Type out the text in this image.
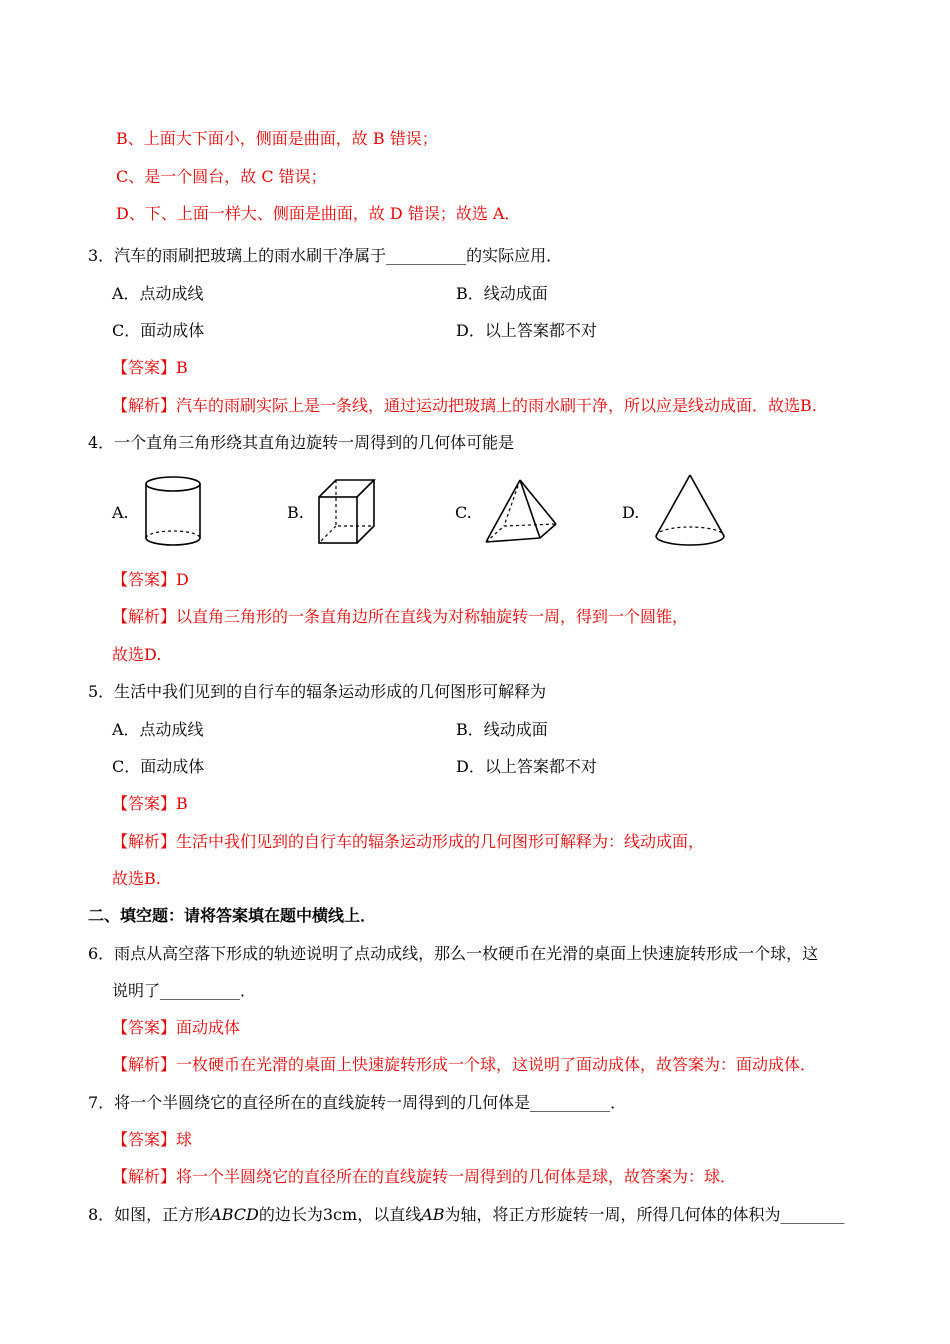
B、上面大下面小，侧面是曲面，故 B 错误；
C、是一个圆台，故 C 错误；
D、下、上面一样大、侧面是曲面，故 D 错误；故选 A．
3．汽车的雨刷把玻璃上的雨水刷干净属于__________的实际应用．
A．点动成线	B．线动成面
C．面动成体	D．以上答案都不对
【答案】B
【解析】汽车的雨刷实际上是一条线，通过运动把玻璃上的雨水刷干净，所以应是线动成面．故选B.
4．一个直角三角形绕其直角边旋转一周得到的几何体可能是
A.	B.	C.	D.
【答案】D
【解析】以直角三角形的一条直角边所在直线为对称轴旋转一周，得到一个圆锥，
故选D.
5．生活中我们见到的自行车的辐条运动形成的几何图形可解释为
A．点动成线	B．线动成面
C．面动成体	D．以上答案都不对
【答案】B
【解析】生活中我们见到的自行车的辐条运动形成的几何图形可解释为：线动成面，
故选B.
二、填空题：请将答案填在题中横线上．
6．雨点从高空落下形成的轨迹说明了点动成线，那么一枚硬币在光滑的桌面上快速旋转形成一个球，这
说明了__________．
【答案】面动成体
【解析】一枚硬币在光滑的桌面上快速旋转形成一个球，这说明了面动成体，故答案为：面动成体．
7．将一个半圆绕它的直径所在的直线旋转一周得到的几何体是__________．
【答案】球
【解析】将一个半圆绕它的直径所在的直线旋转一周得到的几何体是球，故答案为：球．
8．如图，正方形ABCD的边长为3cm，以直线AB为轴，将正方形旋转一周，所得几何体的体积为________
